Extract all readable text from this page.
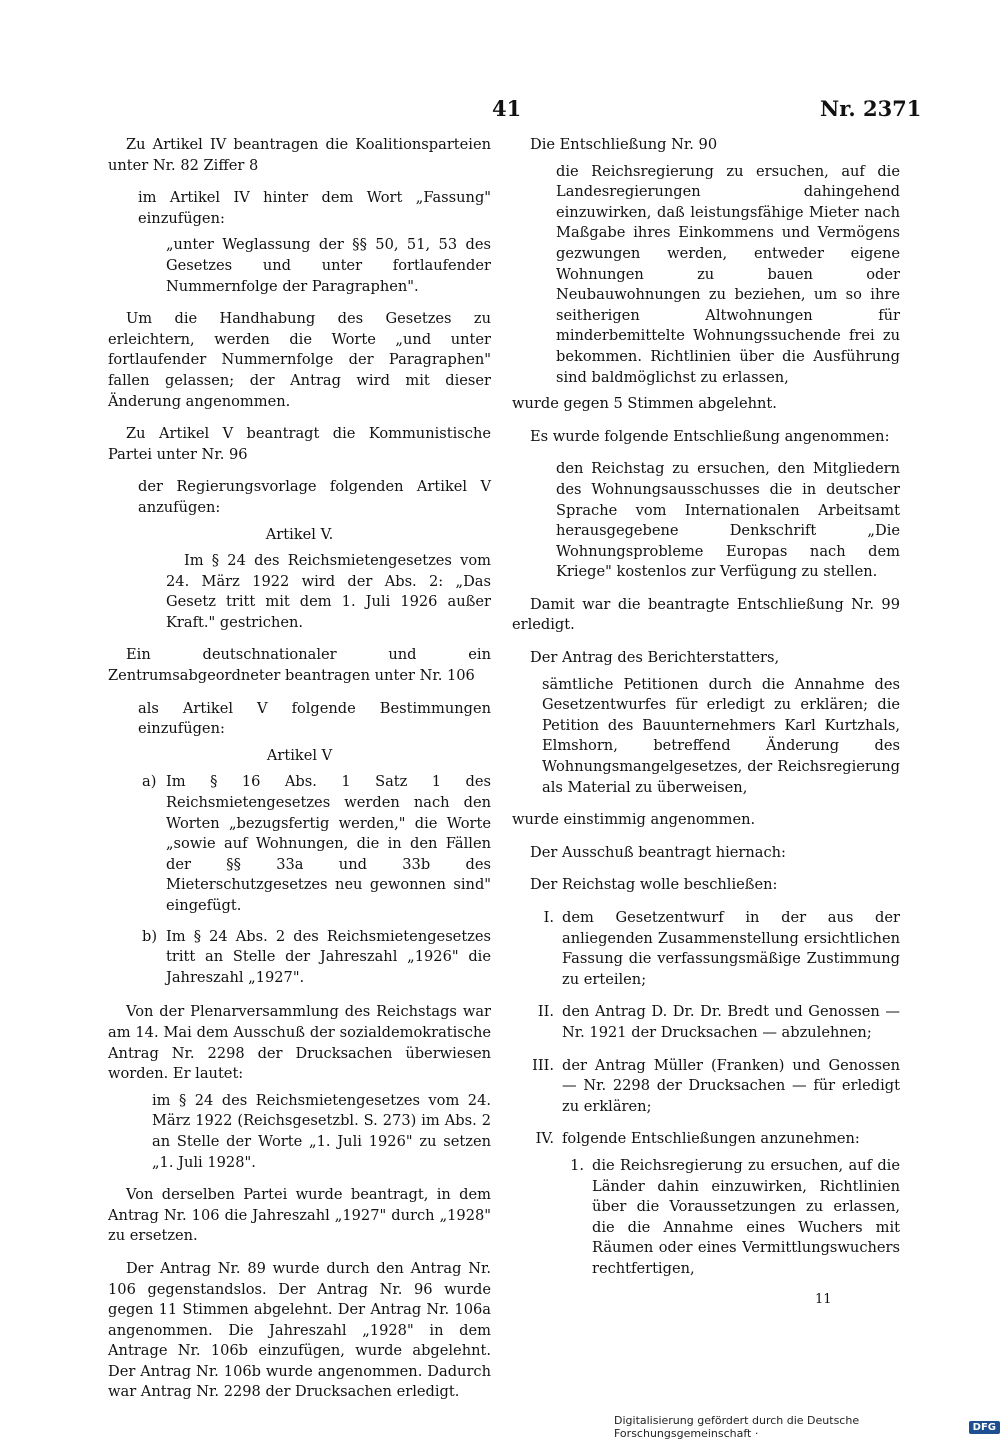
41	Nr. 2371

Zu Artikel IV beantragen die Koalitionsparteien unter Nr. 82 Ziffer 8

im Artikel IV hinter dem Wort „Fassung" einzufügen:

„unter Weglassung der §§ 50, 51, 53 des Gesetzes und unter fortlaufender Nummernfolge der Paragraphen".

Um die Handhabung des Gesetzes zu erleichtern, werden die Worte „und unter fortlaufender Nummernfolge der Paragraphen" fallen gelassen; der Antrag wird mit dieser Änderung angenommen.

Zu Artikel V beantragt die Kommunistische Partei unter Nr. 96

der Regierungsvorlage folgenden Artikel V anzufügen:

Artikel V.

Im § 24 des Reichsmietengesetzes vom 24. März 1922 wird der Abs. 2: „Das Gesetz tritt mit dem 1. Juli 1926 außer Kraft." gestrichen.

Ein deutschnationaler und ein Zentrumsabgeordneter beantragen unter Nr. 106

als Artikel V folgende Bestimmungen einzufügen:

Artikel V

a) Im § 16 Abs. 1 Satz 1 des Reichsmietengesetzes werden nach den Worten „bezugsfertig werden," die Worte „sowie auf Wohnungen, die in den Fällen der §§ 33a und 33b des Mieterschutzgesetzes neu gewonnen sind" eingefügt.
b) Im § 24 Abs. 2 des Reichsmietengesetzes tritt an Stelle der Jahreszahl „1926" die Jahreszahl „1927".

Von der Plenarversammlung des Reichstags war am 14. Mai dem Ausschuß der sozialdemokratische Antrag Nr. 2298 der Drucksachen überwiesen worden. Er lautet:

im § 24 des Reichsmietengesetzes vom 24. März 1922 (Reichsgesetzbl. S. 273) im Abs. 2 an Stelle der Worte „1. Juli 1926" zu setzen „1. Juli 1928".

Von derselben Partei wurde beantragt, in dem Antrag Nr. 106 die Jahreszahl „1927" durch „1928" zu ersetzen.

Der Antrag Nr. 89 wurde durch den Antrag Nr. 106 gegenstandslos. Der Antrag Nr. 96 wurde gegen 11 Stimmen abgelehnt. Der Antrag Nr. 106a angenommen. Die Jahreszahl „1928" in dem Antrage Nr. 106b einzufügen, wurde abgelehnt. Der Antrag Nr. 106b wurde angenommen. Dadurch war Antrag Nr. 2298 der Drucksachen erledigt.

Die Entschließung Nr. 90

die Reichsregierung zu ersuchen, auf die Landesregierungen dahingehend einzuwirken, daß leistungsfähige Mieter nach Maßgabe ihres Einkommens und Vermögens gezwungen werden, entweder eigene Wohnungen zu bauen oder Neubauwohnungen zu beziehen, um so ihre seitherigen Altwohnungen für minderbemittelte Wohnungssuchende frei zu bekommen. Richtlinien über die Ausführung sind baldmöglichst zu erlassen,

wurde gegen 5 Stimmen abgelehnt.

Es wurde folgende Entschließung angenommen:

den Reichstag zu ersuchen, den Mitgliedern des Wohnungsausschusses die in deutscher Sprache vom Internationalen Arbeitsamt herausgegebene Denkschrift „Die Wohnungsprobleme Europas nach dem Kriege" kostenlos zur Verfügung zu stellen.

Damit war die beantragte Entschließung Nr. 99 erledigt.

Der Antrag des Berichterstatters,

sämtliche Petitionen durch die Annahme des Gesetzentwurfes für erledigt zu erklären; die Petition des Bauunternehmers Karl Kurtzhals, Elmshorn, betreffend Änderung des Wohnungsmangelgesetzes, der Reichsregierung als Material zu überweisen,

wurde einstimmig angenommen.

Der Ausschuß beantragt hiernach:

Der Reichstag wolle beschließen:

I. dem Gesetzentwurf in der aus der anliegenden Zusammenstellung ersichtlichen Fassung die verfassungsmäßige Zustimmung zu erteilen;
II. den Antrag D. Dr. Dr. Bredt und Genossen — Nr. 1921 der Drucksachen — abzulehnen;
III. der Antrag Müller (Franken) und Genossen — Nr. 2298 der Drucksachen — für erledigt zu erklären;
IV. folgende Entschließungen anzunehmen:
1. die Reichsregierung zu ersuchen, auf die Länder dahin einzuwirken, Richtlinien über die Voraussetzungen zu erlassen, die die Annahme eines Wuchers mit Räumen oder eines Vermittlungswuchers rechtfertigen,
11
Digitalisierung gefördert durch die Deutsche Forschungsgemeinschaft ·	DFG
